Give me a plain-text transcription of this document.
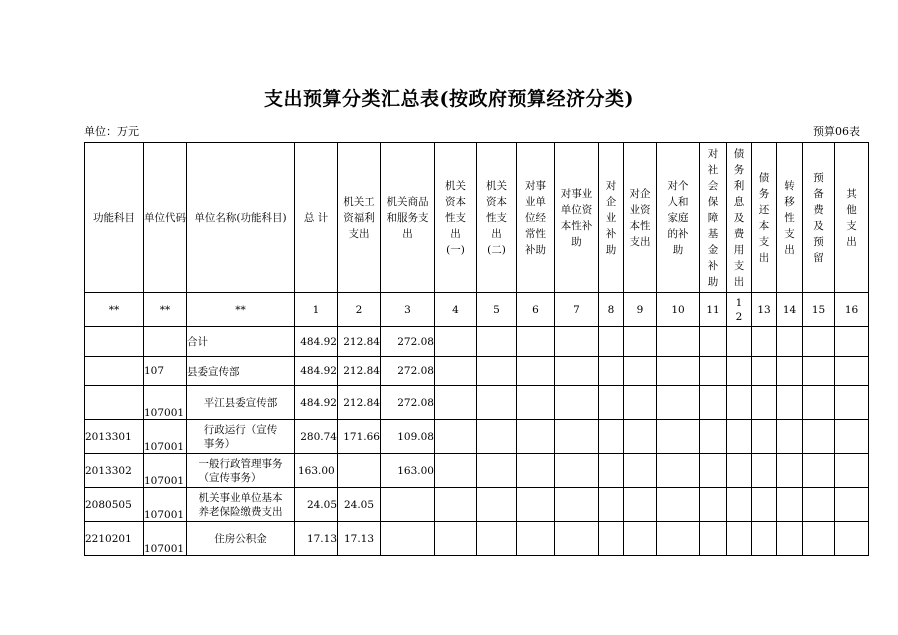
支出预算分类汇总表(按政府预算经济分类)
单位：万元	预算06表
功能科目	单位代码	单位名称(功能科目)	总 计	机关工资福利支出	机关商品和服务支出	机关资本性支出(一)	机关资本性支出(二)	对事业单位经常性补助	对事业单位资本性补助	对企业补助	对企业资本性支出	对个人和家庭的补助	对社会保障基金补助	债务利息及费用支出	债务还本支出	转移性支出	预备费及预留	其他支出
**	**	**	1	2	3	4	5	6	7	8	9	10	11	1 2	13	14	15	16
		合计	484.92	212.84	272.08													
	107	县委宣传部	484.92	212.84	272.08													
	107001	平江县委宣传部	484.92	212.84	272.08													
2013301	107001	行政运行（宣传事务）	280.74	171.66	109.08													
2013302	107001	一般行政管理事务（宣传事务）	163.00		163.00													
2080505	107001	机关事业单位基本养老保险缴费支出	24.05	24.05														
2210201	107001	住房公积金	17.13	17.13														
